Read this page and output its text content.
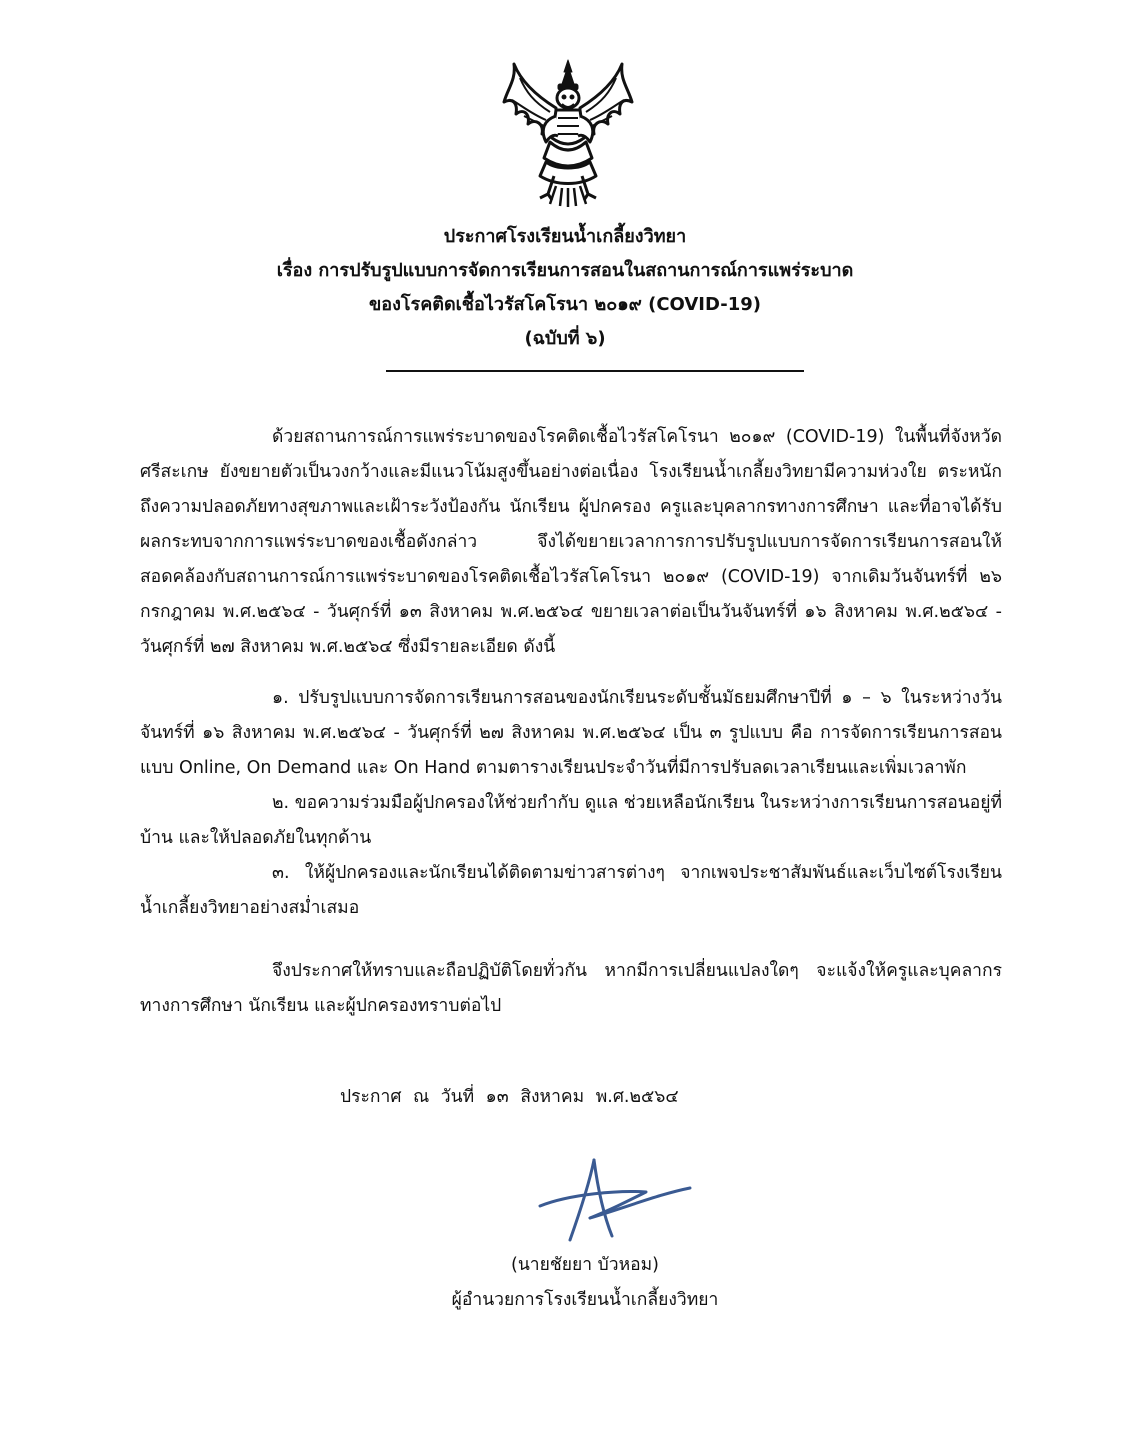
ประกาศโรงเรียนน้ำเกลี้ยงวิทยา
เรื่อง การปรับรูปแบบการจัดการเรียนการสอนในสถานการณ์การแพร่ระบาด
ของโรคติดเชื้อไวรัสโคโรนา ๒๐๑๙ (COVID-19)
(ฉบับที่ ๖)

ด้วยสถานการณ์การแพร่ระบาดของโรคติดเชื้อไวรัสโคโรนา ๒๐๑๙ (COVID-19) ในพื้นที่จังหวัดศรีสะเกษ ยังขยายตัวเป็นวงกว้างและมีแนวโน้มสูงขึ้นอย่างต่อเนื่อง โรงเรียนน้ำเกลี้ยงวิทยามีความห่วงใย ตระหนักถึงความปลอดภัยทางสุขภาพและเฝ้าระวังป้องกัน นักเรียน ผู้ปกครอง ครูและบุคลากรทางการศึกษา และที่อาจได้รับผลกระทบจากการแพร่ระบาดของเชื้อดังกล่าว จึงได้ขยายเวลาการการปรับรูปแบบการจัดการเรียนการสอนให้สอดคล้องกับสถานการณ์การแพร่ระบาดของโรคติดเชื้อไวรัสโคโรนา ๒๐๑๙ (COVID-19) จากเดิมวันจันทร์ที่ ๒๖ กรกฎาคม พ.ศ.๒๕๖๔ - วันศุกร์ที่ ๑๓ สิงหาคม พ.ศ.๒๕๖๔ ขยายเวลาต่อเป็นวันจันทร์ที่ ๑๖ สิงหาคม พ.ศ.๒๕๖๔ - วันศุกร์ที่ ๒๗ สิงหาคม พ.ศ.๒๕๖๔ ซึ่งมีรายละเอียด ดังนี้

๑. ปรับรูปแบบการจัดการเรียนการสอนของนักเรียนระดับชั้นมัธยมศึกษาปีที่ ๑ – ๖ ในระหว่างวันจันทร์ที่ ๑๖ สิงหาคม พ.ศ.๒๕๖๔ - วันศุกร์ที่ ๒๗ สิงหาคม พ.ศ.๒๕๖๔ เป็น ๓ รูปแบบ คือ การจัดการเรียนการสอนแบบ Online, On Demand และ On Hand ตามตารางเรียนประจำวันที่มีการปรับลดเวลาเรียนและเพิ่มเวลาพัก

๒. ขอความร่วมมือผู้ปกครองให้ช่วยกำกับ ดูแล ช่วยเหลือนักเรียน ในระหว่างการเรียนการสอนอยู่ที่บ้าน และให้ปลอดภัยในทุกด้าน

๓. ให้ผู้ปกครองและนักเรียนได้ติดตามข่าวสารต่างๆ จากเพจประชาสัมพันธ์และเว็บไซต์โรงเรียนน้ำเกลี้ยงวิทยาอย่างสม่ำเสมอ

จึงประกาศให้ทราบและถือปฏิบัติโดยทั่วกัน หากมีการเปลี่ยนแปลงใดๆ จะแจ้งให้ครูและบุคลากรทางการศึกษา นักเรียน และผู้ปกครองทราบต่อไป

ประกาศ ณ วันที่ ๑๓ สิงหาคม พ.ศ.๒๕๖๔
(นายชัยยา บัวหอม)
ผู้อำนวยการโรงเรียนน้ำเกลี้ยงวิทยา
